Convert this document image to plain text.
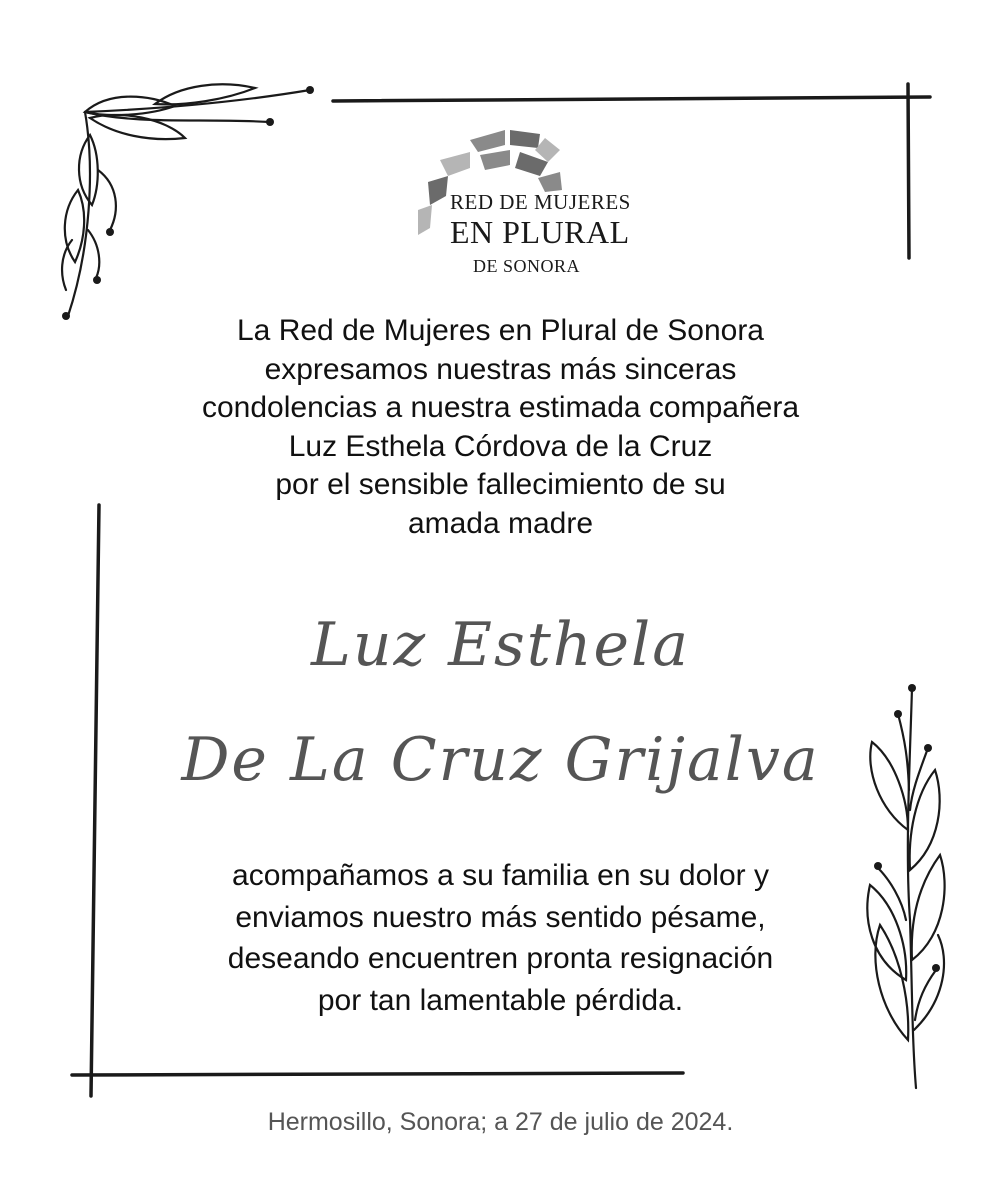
RED DE MUJERES
EN PLURAL
DE SONORA
La Red de Mujeres en Plural de Sonora
expresamos nuestras más sinceras
condolencias a nuestra estimada compañera
Luz Esthela Córdova de la Cruz
por el sensible fallecimiento de su
amada madre
Luz Esthela
De La Cruz Grijalva
acompañamos a su familia en su dolor y
enviamos nuestro más sentido pésame,
deseando encuentren pronta resignación
por tan lamentable pérdida.
Hermosillo, Sonora; a 27 de julio de 2024.
